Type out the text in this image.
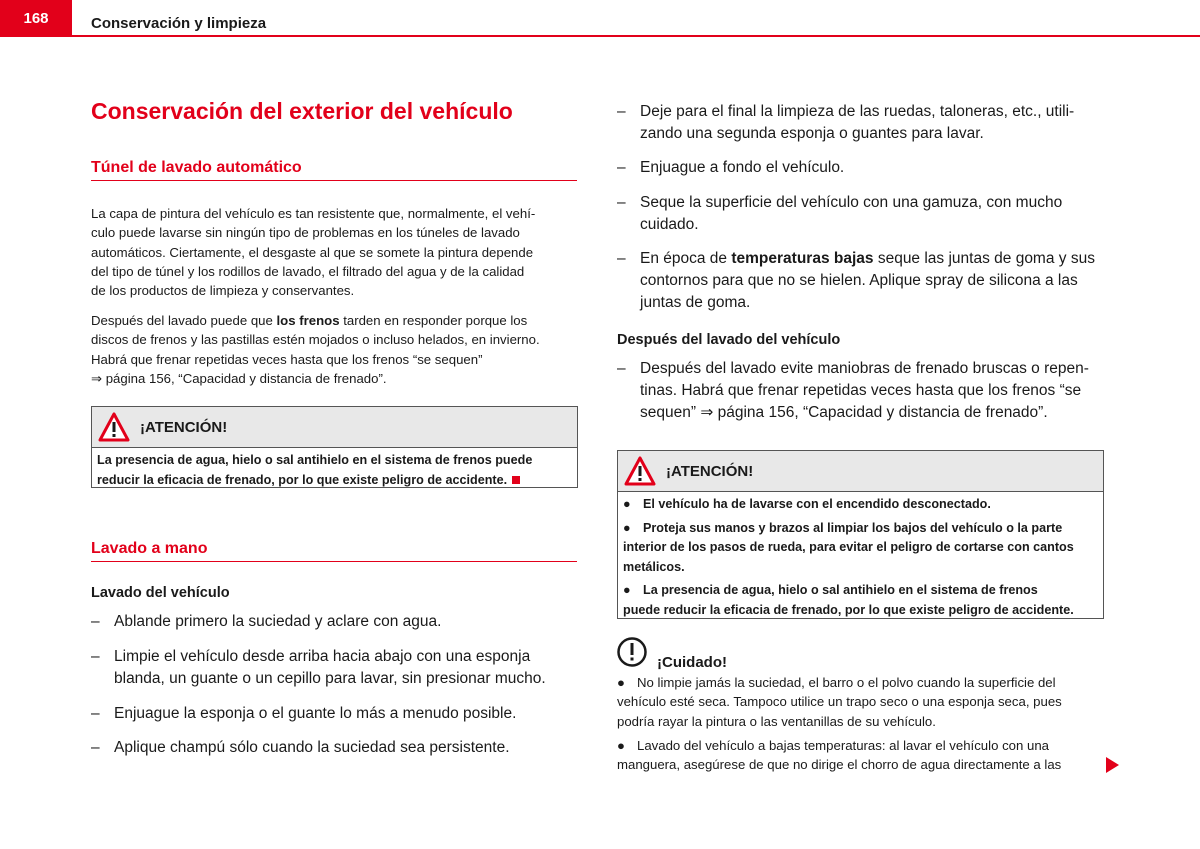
168	Conservación y limpieza
Conservación del exterior del vehículo
Túnel de lavado automático

La capa de pintura del vehículo es tan resistente que, normalmente, el vehí-
culo puede lavarse sin ningún tipo de problemas en los túneles de lavado
automáticos. Ciertamente, el desgaste al que se somete la pintura depende
del tipo de túnel y los rodillos de lavado, el filtrado del agua y de la calidad
de los productos de limpieza y conservantes.

Después del lavado puede que los frenos tarden en responder porque los
discos de frenos y las pastillas estén mojados o incluso helados, en invierno.
Habrá que frenar repetidas veces hasta que los frenos “se sequen”
⇒ página 156, “Capacidad y distancia de frenado”.

¡ATENCIÓN!
La presencia de agua, hielo o sal antihielo en el sistema de frenos puede
reducir la eficacia de frenado, por lo que existe peligro de accidente.
Lavado a mano

Lavado del vehículo

– Ablande primero la suciedad y aclare con agua.
– Limpie el vehículo desde arriba hacia abajo con una esponja
blanda, un guante o un cepillo para lavar, sin presionar mucho.
– Enjuague la esponja o el guante lo más a menudo posible.
– Aplique champú sólo cuando la suciedad sea persistente.
– Deje para el final la limpieza de las ruedas, taloneras, etc., utili-
zando una segunda esponja o guantes para lavar.
– Enjuague a fondo el vehículo.
– Seque la superficie del vehículo con una gamuza, con mucho
cuidado.
– En época de temperaturas bajas seque las juntas de goma y sus
contornos para que no se hielen. Aplique spray de silicona a las
juntas de goma.

Después del lavado del vehículo

– Después del lavado evite maniobras de frenado bruscas o repen-
tinas. Habrá que frenar repetidas veces hasta que los frenos “se
sequen” ⇒ página 156, “Capacidad y distancia de frenado”.
¡ATENCIÓN!

● El vehículo ha de lavarse con el encendido desconectado.

● Proteja sus manos y brazos al limpiar los bajos del vehículo o la parte
interior de los pasos de rueda, para evitar el peligro de cortarse con cantos
metálicos.

● La presencia de agua, hielo o sal antihielo en el sistema de frenos
puede reducir la eficacia de frenado, por lo que existe peligro de accidente.

¡Cuidado!

● No limpie jamás la suciedad, el barro o el polvo cuando la superficie del
vehículo esté seca. Tampoco utilice un trapo seco o una esponja seca, pues
podría rayar la pintura o las ventanillas de su vehículo.

● Lavado del vehículo a bajas temperaturas: al lavar el vehículo con una
manguera, asegúrese de que no dirige el chorro de agua directamente a las
